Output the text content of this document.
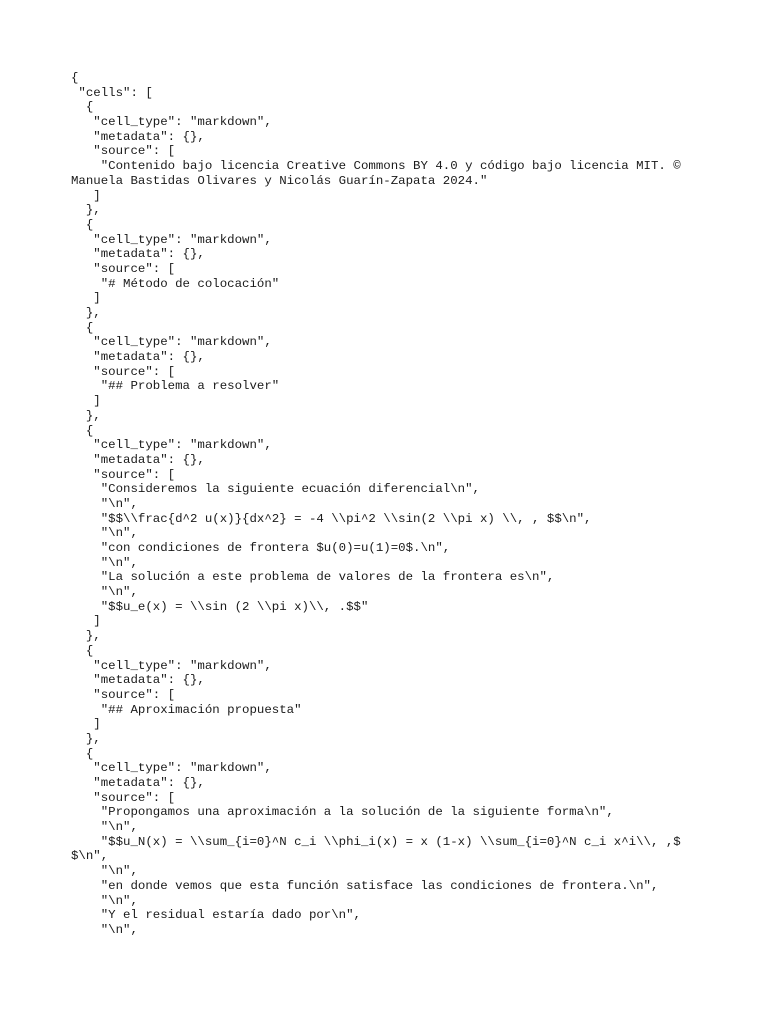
{
"cells": [
{
"cell_type": "markdown",
"metadata": {},
"source": [
"Contenido bajo licencia Creative Commons BY 4.0 y código bajo licencia MIT. ©
Manuela Bastidas Olivares y Nicolás Guarín-Zapata 2024."
]
},
{
"cell_type": "markdown",
"metadata": {},
"source": [
"# Método de colocación"
]
},
{
"cell_type": "markdown",
"metadata": {},
"source": [
"## Problema a resolver"
]
},
{
"cell_type": "markdown",
"metadata": {},
"source": [
"Consideremos la siguiente ecuación diferencial\n",
"\n",
"$$\\frac{d^2 u(x)}{dx^2} = -4 \\pi^2 \\sin(2 \\pi x) \\, , $$\n",
"\n",
"con condiciones de frontera $u(0)=u(1)=0$.\n",
"\n",
"La solución a este problema de valores de la frontera es\n",
"\n",
"$$u_e(x) = \\sin (2 \\pi x)\\, .$$"
]
},
{
"cell_type": "markdown",
"metadata": {},
"source": [
"## Aproximación propuesta"
]
},
{
"cell_type": "markdown",
"metadata": {},
"source": [
"Propongamos una aproximación a la solución de la siguiente forma\n",
"\n",
"$$u_N(x) = \\sum_{i=0}^N c_i \\phi_i(x) = x (1-x) \\sum_{i=0}^N c_i x^i\\, ,$
$\n",
"\n",
"en donde vemos que esta función satisface las condiciones de frontera.\n",
"\n",
"Y el residual estaría dado por\n",
"\n",
